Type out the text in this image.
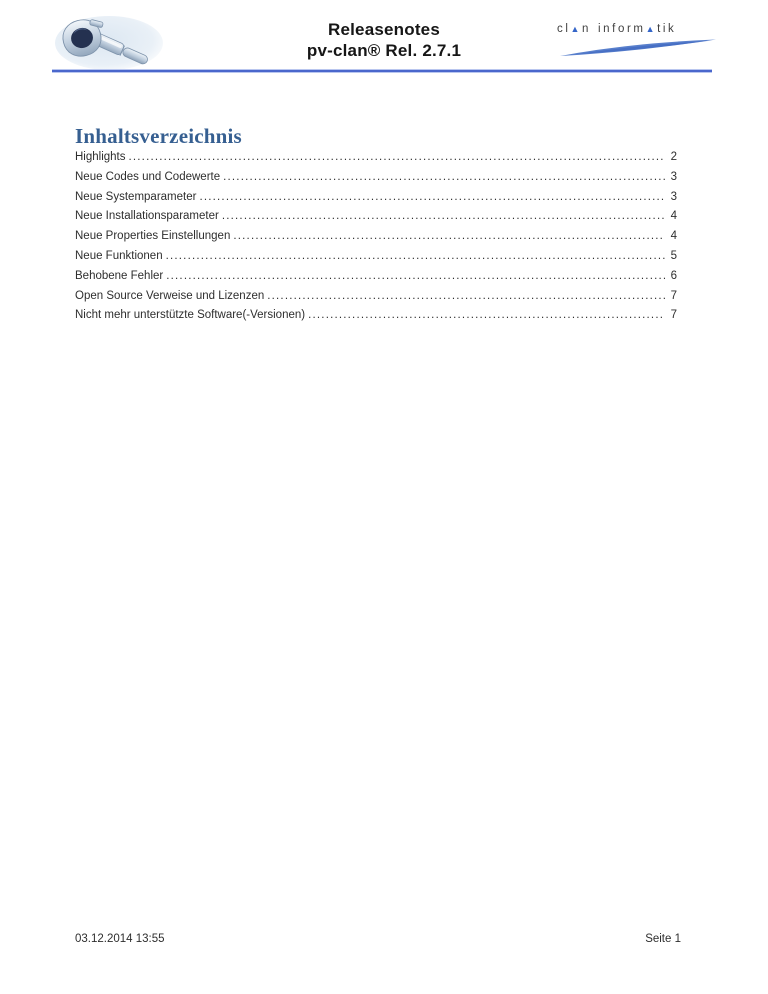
Releasenotes
pv-clan® Rel. 2.7.1
cl▲n inform▲tik
Inhaltsverzeichnis
Highlights .....	2
Neue Codes und Codewerte .....	3
Neue Systemparameter .....	3
Neue Installationsparameter .....	4
Neue Properties Einstellungen .....	4
Neue Funktionen .....	5
Behobene Fehler .....	6
Open Source Verweise und Lizenzen .....	7
Nicht mehr unterstützte Software(-Versionen) .....	7
03.12.2014 13:55	Seite 1
